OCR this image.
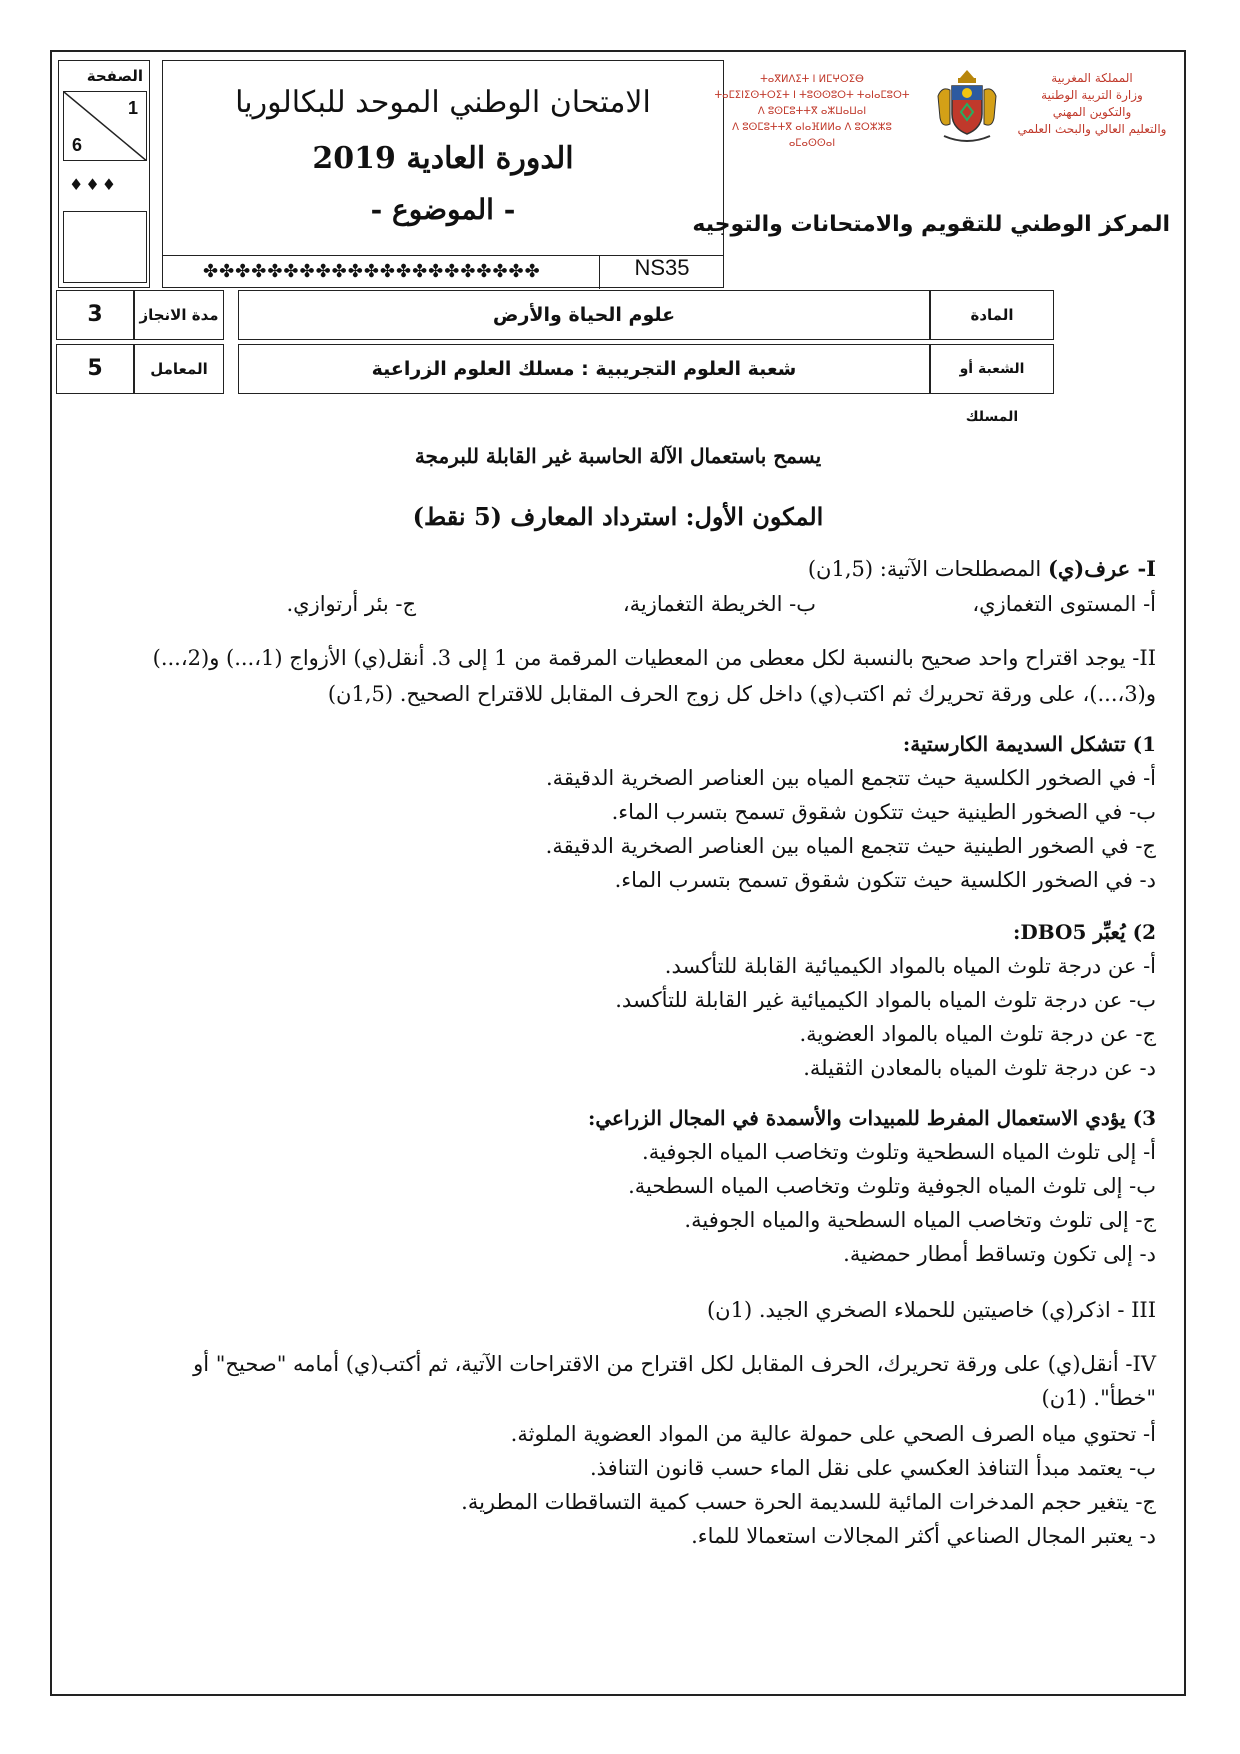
الصفحة
1
6
♦♦♦
الامتحان الوطني الموحد للبكالوريا
الدورة العادية 2019
- الموضوع -
✤✤✤✤✤✤✤✤✤✤✤✤✤✤✤✤✤✤✤✤✤	NS35
ⵜⴰⴳⵍⴷⵉⵜ ⵏ ⵍⵎⵖⵔⵉⴱ
ⵜⴰⵎⵉⵏⵉⵙⵜⵔⵉⵜ ⵏ ⵜⵓⵙⵙⵓⵔⵜ ⵜⴰⵏⴰⵎⵓⵔⵜ
ⴷ ⵓⵙⵎⵓⵜⵜⴳ ⴰⵣⵡⴰⵡⴰⵏ
ⴷ ⵓⵙⵎⵓⵜⵜⴳ ⴰⵏⴰⴼⵍⵍⴰ ⴷ ⵓⵔⵣⵣⵓ ⴰⵎⴰⵙⵙⴰⵏ
المملكة المغربية
وزارة التربية الوطنية
والتكوين المهني
والتعليم العالي والبحث العلمي
المركز الوطني للتقويم والامتحانات والتوجيه
3	مدة الانجاز	علوم الحياة والأرض	المادة
5	المعامل	شعبة العلوم التجريبية : مسلك العلوم الزراعية	الشعبة أو المسلك
يسمح باستعمال الآلة الحاسبة غير القابلة للبرمجة
المكون الأول: استرداد المعارف (5 نقط)
I- عرف(ي) المصطلحات الآتية: (1,5ن)
أ- المستوى التغمازي،
ب- الخريطة التغمازية،
ج- بئر أرتوازي.
II- يوجد اقتراح واحد صحيح بالنسبة لكل معطى من المعطيات المرقمة من 1 إلى 3. أنقل(ي) الأزواج (1،...) و(2،...)
و(3،...)، على ورقة تحريرك ثم اكتب(ي) داخل كل زوج الحرف المقابل للاقتراح الصحيح. (1,5ن)
1) تتشكل السديمة الكارستية:
أ- في الصخور الكلسية حيث تتجمع المياه بين العناصر الصخرية الدقيقة.
ب- في الصخور الطينية حيث تتكون شقوق تسمح بتسرب الماء.
ج- في الصخور الطينية حيث تتجمع المياه بين العناصر الصخرية الدقيقة.
د- في الصخور الكلسية حيث تتكون شقوق تسمح بتسرب الماء.
2) يُعبِّر DBO5:
أ- عن درجة تلوث المياه بالمواد الكيميائية القابلة للتأكسد.
ب- عن درجة تلوث المياه بالمواد الكيميائية غير القابلة للتأكسد.
ج- عن درجة تلوث المياه بالمواد العضوية.
د- عن درجة تلوث المياه بالمعادن الثقيلة.
3) يؤدي الاستعمال المفرط للمبيدات والأسمدة في المجال الزراعي:
أ- إلى تلوث المياه السطحية وتلوث وتخاصب المياه الجوفية.
ب- إلى تلوث المياه الجوفية وتلوث وتخاصب المياه السطحية.
ج- إلى تلوث وتخاصب المياه السطحية والمياه الجوفية.
د- إلى تكون وتساقط أمطار حمضية.
III - اذكر(ي) خاصيتين للحملاء الصخري الجيد. (1ن)
IV- أنقل(ي) على ورقة تحريرك، الحرف المقابل لكل اقتراح من الاقتراحات الآتية، ثم أكتب(ي) أمامه "صحيح" أو
"خطأ". (1ن)
أ- تحتوي مياه الصرف الصحي على حمولة عالية من المواد العضوية الملوثة.
ب- يعتمد مبدأ التنافذ العكسي على نقل الماء حسب قانون التنافذ.
ج- يتغير حجم المدخرات المائية للسديمة الحرة حسب كمية التساقطات المطرية.
د- يعتبر المجال الصناعي أكثر المجالات استعمالا للماء.
